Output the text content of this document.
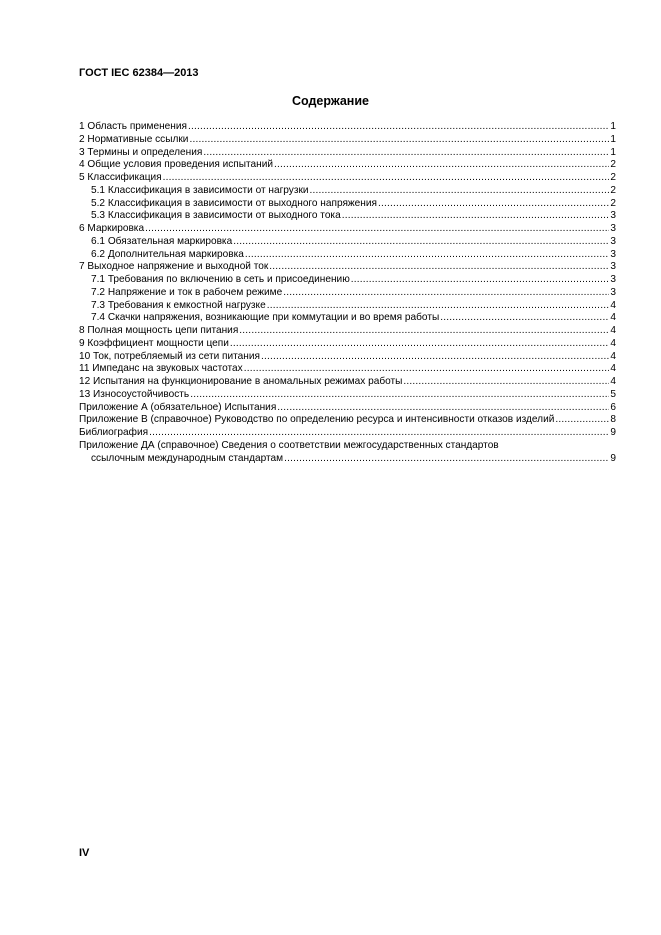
ГОСТ IEC 62384—2013
Содержание
1 Область применения .....	1
2 Нормативные ссылки .....	1
3 Термины и определения .....	1
4 Общие условия проведения испытаний .....	2
5 Классификация .....	2
5.1 Классификация в зависимости от нагрузки .....	2
5.2 Классификация в зависимости от выходного напряжения .....	2
5.3 Классификация в зависимости от выходного тока .....	3
6 Маркировка .....	3
6.1 Обязательная маркировка .....	3
6.2 Дополнительная маркировка .....	3
7 Выходное напряжение и выходной ток .....	3
7.1 Требования по включению в сеть и присоединению .....	3
7.2 Напряжение и ток в рабочем режиме .....	3
7.3 Требования к емкостной нагрузке .....	4
7.4 Скачки напряжения, возникающие при коммутации и во время работы .....	4
8 Полная мощность цепи питания .....	4
9 Коэффициент мощности цепи .....	4
10 Ток, потребляемый из сети питания .....	4
11 Импеданс на звуковых частотах .....	4
12 Испытания на функционирование в аномальных режимах работы .....	4
13 Износоустойчивость .....	5
Приложение А (обязательное) Испытания .....	6
Приложение В (справочное) Руководство по определению ресурса и интенсивности отказов изделий .....	8
Библиография .....	9
Приложение ДА (справочное) Сведения о соответствии межгосударственных стандартов
ссылочным международным стандартам .....	9
IV
